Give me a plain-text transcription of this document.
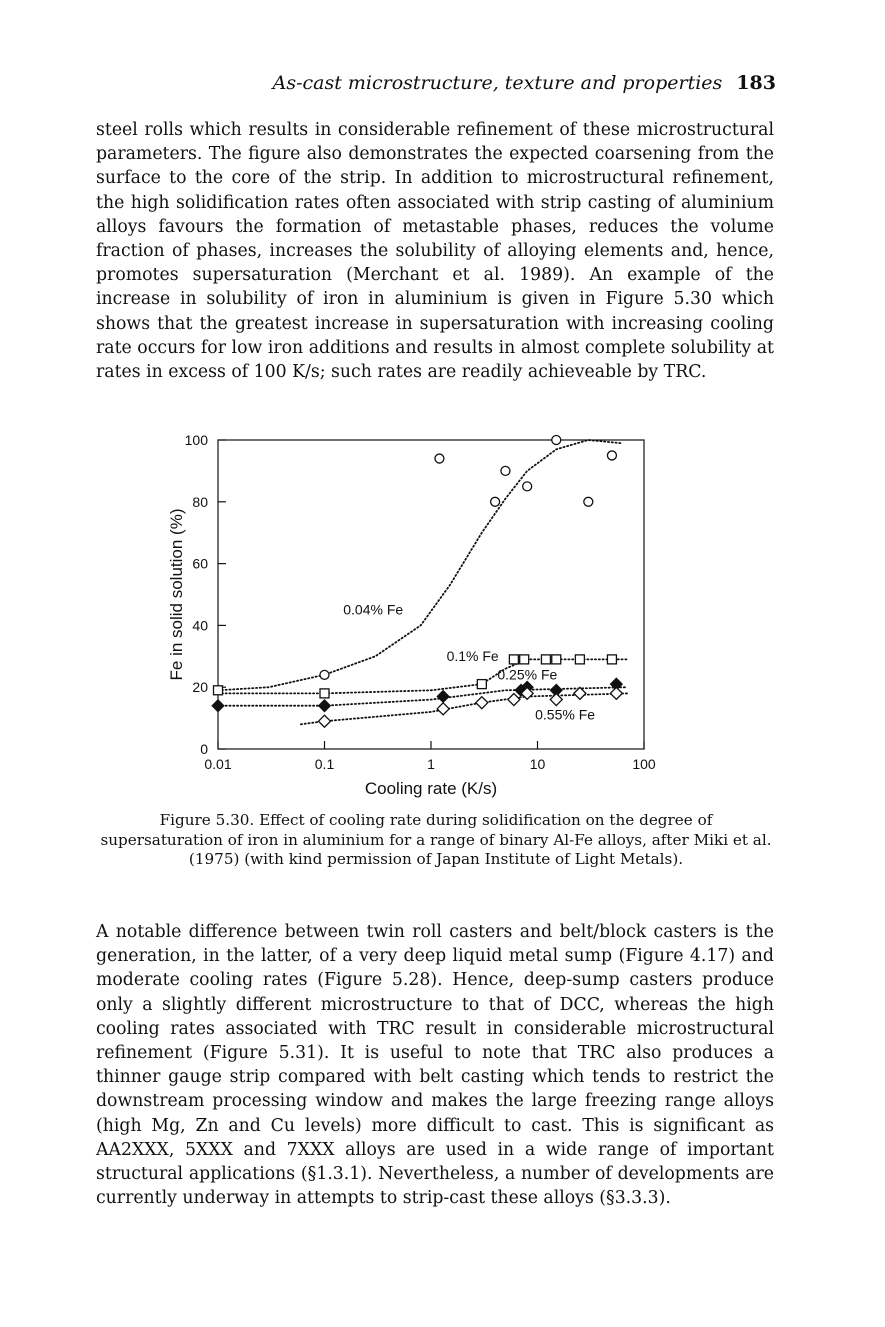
As-cast microstructure, texture and properties 183

steel rolls which results in considerable refinement of these microstructural parameters. The figure also demonstrates the expected coarsening from the surface to the core of the strip. In addition to microstructural refinement, the high solidification rates often associated with strip casting of aluminium alloys favours the formation of metastable phases, reduces the volume fraction of phases, increases the solubility of alloying elements and, hence, promotes supersaturation (Merchant et al. 1989). An example of the increase in solubility of iron in aluminium is given in Figure 5.30 which shows that the greatest increase in supersaturation with increasing cooling rate occurs for low iron additions and results in almost complete solubility at rates in excess of 100 K/s; such rates are readily achieveable by TRC.

0.01	0.1	1	10	100
0
20
40
60
80
100
Cooling rate (K/s)
Fe in solid solution (%)	0.04% Fe
0.1% Fe
0.25% Fe
0.55% Fe

Figure 5.30. Effect of cooling rate during solidification on the degree of supersaturation of iron in aluminium for a range of binary Al-Fe alloys, after Miki et al. (1975) (with kind permission of Japan Institute of Light Metals).

A notable difference between twin roll casters and belt/block casters is the generation, in the latter, of a very deep liquid metal sump (Figure 4.17) and moderate cooling rates (Figure 5.28). Hence, deep-sump casters produce only a slightly different microstructure to that of DCC, whereas the high cooling rates associated with TRC result in considerable microstructural refinement (Figure 5.31). It is useful to note that TRC also produces a thinner gauge strip compared with belt casting which tends to restrict the downstream processing window and makes the large freezing range alloys (high Mg, Zn and Cu levels) more difficult to cast. This is significant as AA2XXX, 5XXX and 7XXX alloys are used in a wide range of important structural applications (§1.3.1). Nevertheless, a number of developments are currently underway in attempts to strip-cast these alloys (§3.3.3).
